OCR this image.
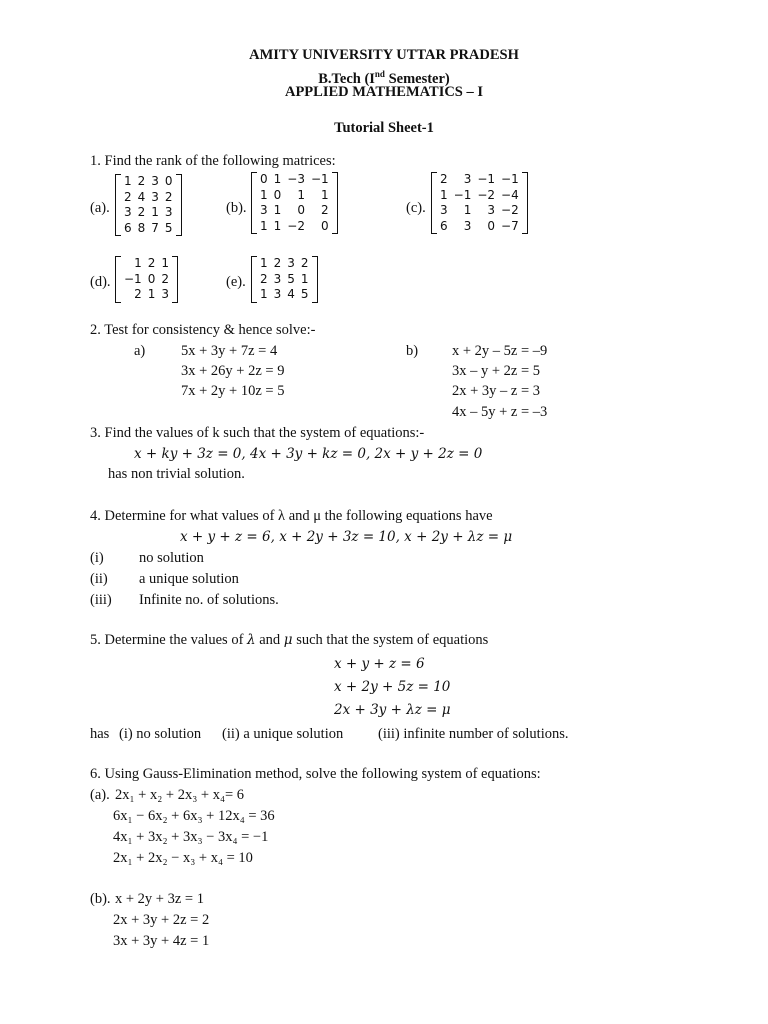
AMITY UNIVERSITY UTTAR PRADESH
B.Tech (Ind Semester)
APPLIED MATHEMATICS – I
Tutorial Sheet-1
1. Find the rank of the following matrices:
(a).
1	2	3	0
2	4	3	2
3	2	1	3
6	8	7	5
(b).
0	1	−3	−1
1	0	1	1
3	1	0	2
1	1	−2	0
(c).
2	3	−1	−1
1	−1	−2	−4
3	1	3	−2
6	3	0	−7
(d).
1	2	1
−1	0	2
2	1	3
(e).
1	2	3	2
2	3	5	1
1	3	4	5
2. Test for consistency & hence solve:-
a) 5x + 3y + 7z = 4
3x + 26y + 2z = 9
7x + 2y + 10z = 5
b) x + 2y – 5z = –9
3x – y + 2z = 5
2x + 3y – z = 3
4x – 5y + z = –3
3. Find the values of k such that the system of equations:-
x + ky + 3z = 0, 4x + 3y + kz = 0, 2x + y + 2z = 0
has non trivial solution.
4. Determine for what values of λ and μ the following equations have
x + y + z = 6, x + 2y + 3z = 10, x + 2y + λz = μ
(i) no solution
(ii) a unique solution
(iii) Infinite no. of solutions.
5. Determine the values of λ and μ such that the system of equations
x + y + z = 6
x + 2y + 5z = 10
2x + 3y + λz = μ
has (i) no solution (ii) a unique solution (iii) infinite number of solutions.
6. Using Gauss-Elimination method, solve the following system of equations:
(a). 2x₁ + x₂ + 2x₃ + x₄= 6
6x₁ − 6x₂ + 6x₃ + 12x₄ = 36
4x₁ + 3x₂ + 3x₃ − 3x₄ = −1
2x₁ + 2x₂ − x₃ + x₄ = 10
(b). x + 2y + 3z = 1
2x + 3y + 2z = 2
3x + 3y + 4z = 1
